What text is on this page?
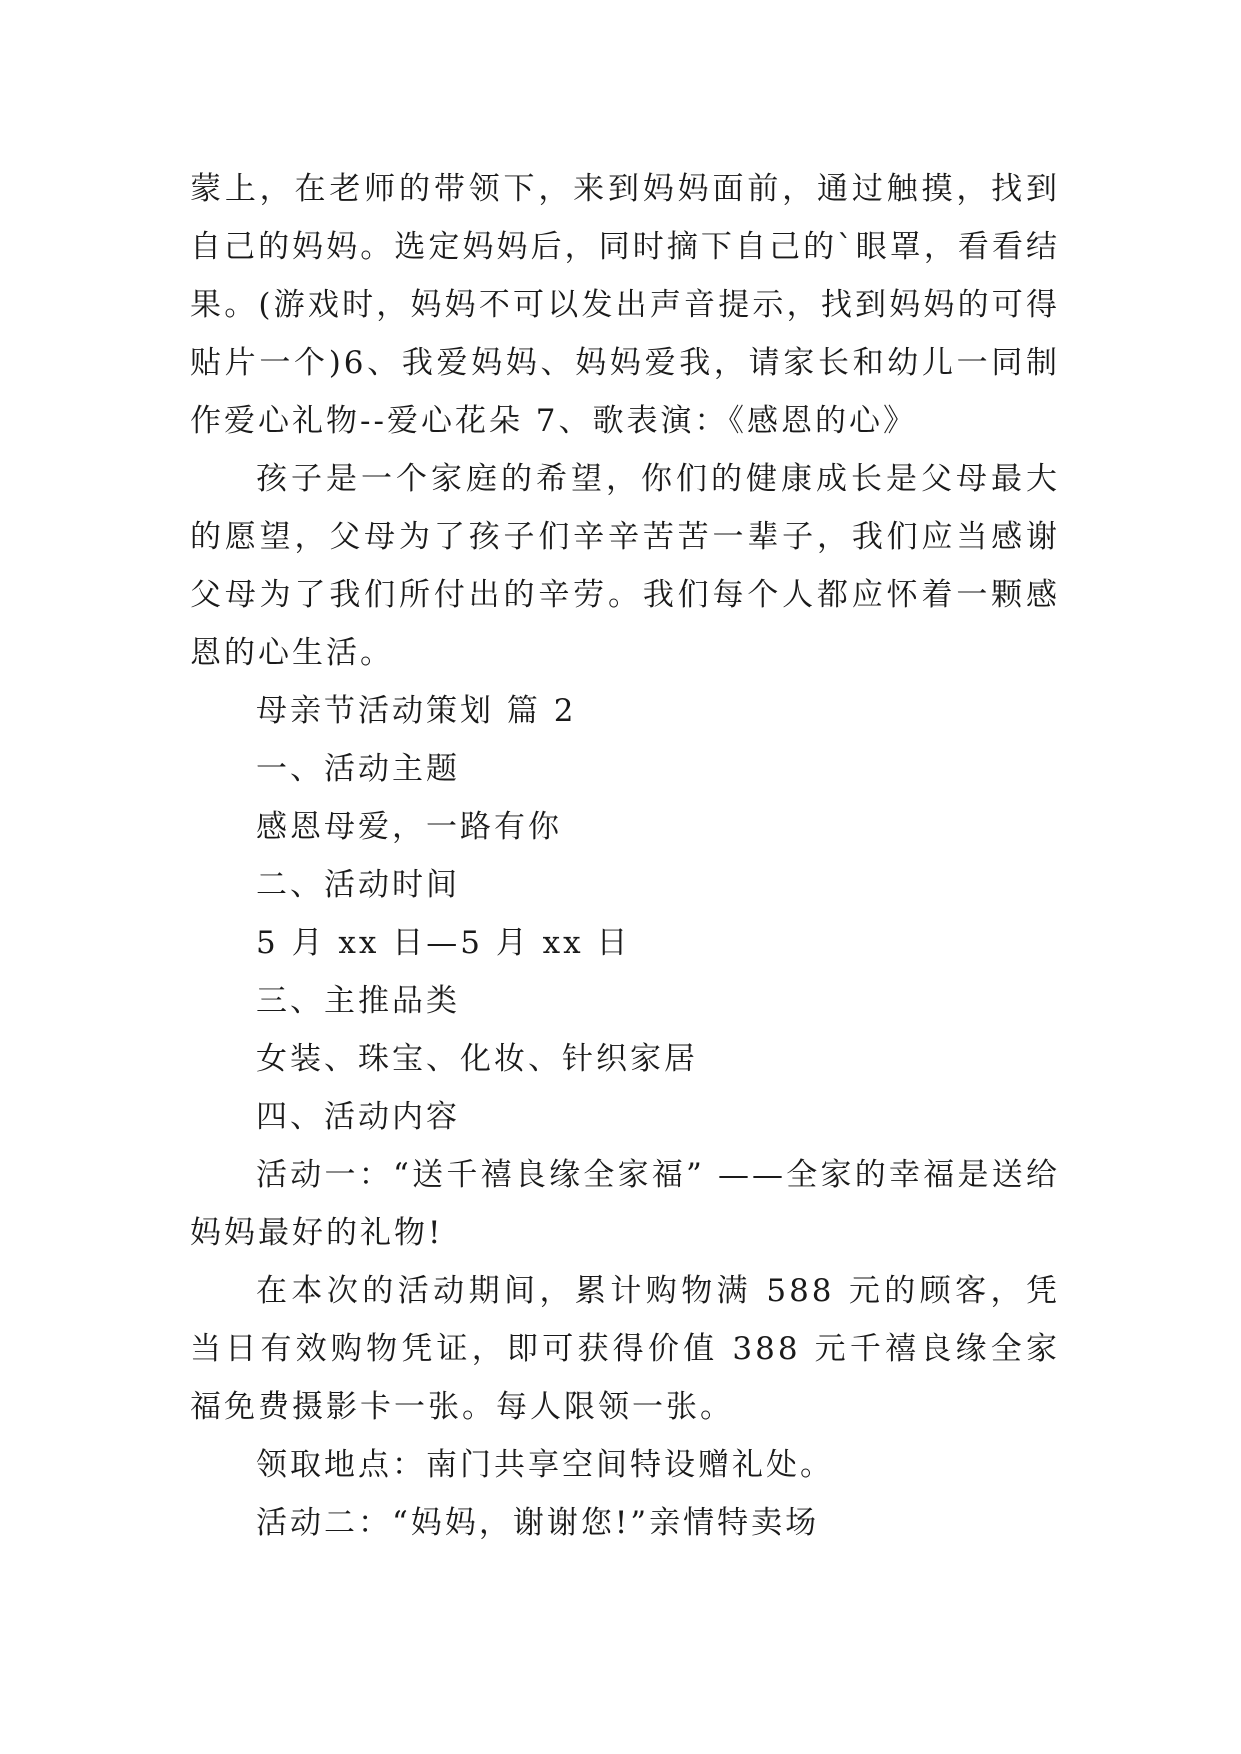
蒙上，在老师的带领下，来到妈妈面前，通过触摸，找到自己的妈妈。选定妈妈后，同时摘下自己的`眼罩，看看结果。(游戏时，妈妈不可以发出声音提示，找到妈妈的可得贴片一个)6、我爱妈妈、妈妈爱我，请家长和幼儿一同制作爱心礼物--爱心花朵 7、歌表演：《感恩的心》

孩子是一个家庭的希望，你们的健康成长是父母最大的愿望，父母为了孩子们辛辛苦苦一辈子，我们应当感谢父母为了我们所付出的辛劳。我们每个人都应怀着一颗感恩的心生活。

母亲节活动策划 篇 2

一、活动主题

感恩母爱，一路有你

二、活动时间

5 月 xx 日—5 月 xx 日

三、主推品类

女装、珠宝、化妆、针织家居

四、活动内容

活动一：“送千禧良缘全家福” ——全家的幸福是送给妈妈最好的礼物!

在本次的活动期间，累计购物满 588 元的顾客，凭当日有效购物凭证，即可获得价值 388 元千禧良缘全家福免费摄影卡一张。每人限领一张。

领取地点：南门共享空间特设赠礼处。

活动二：“妈妈，谢谢您!”亲情特卖场
